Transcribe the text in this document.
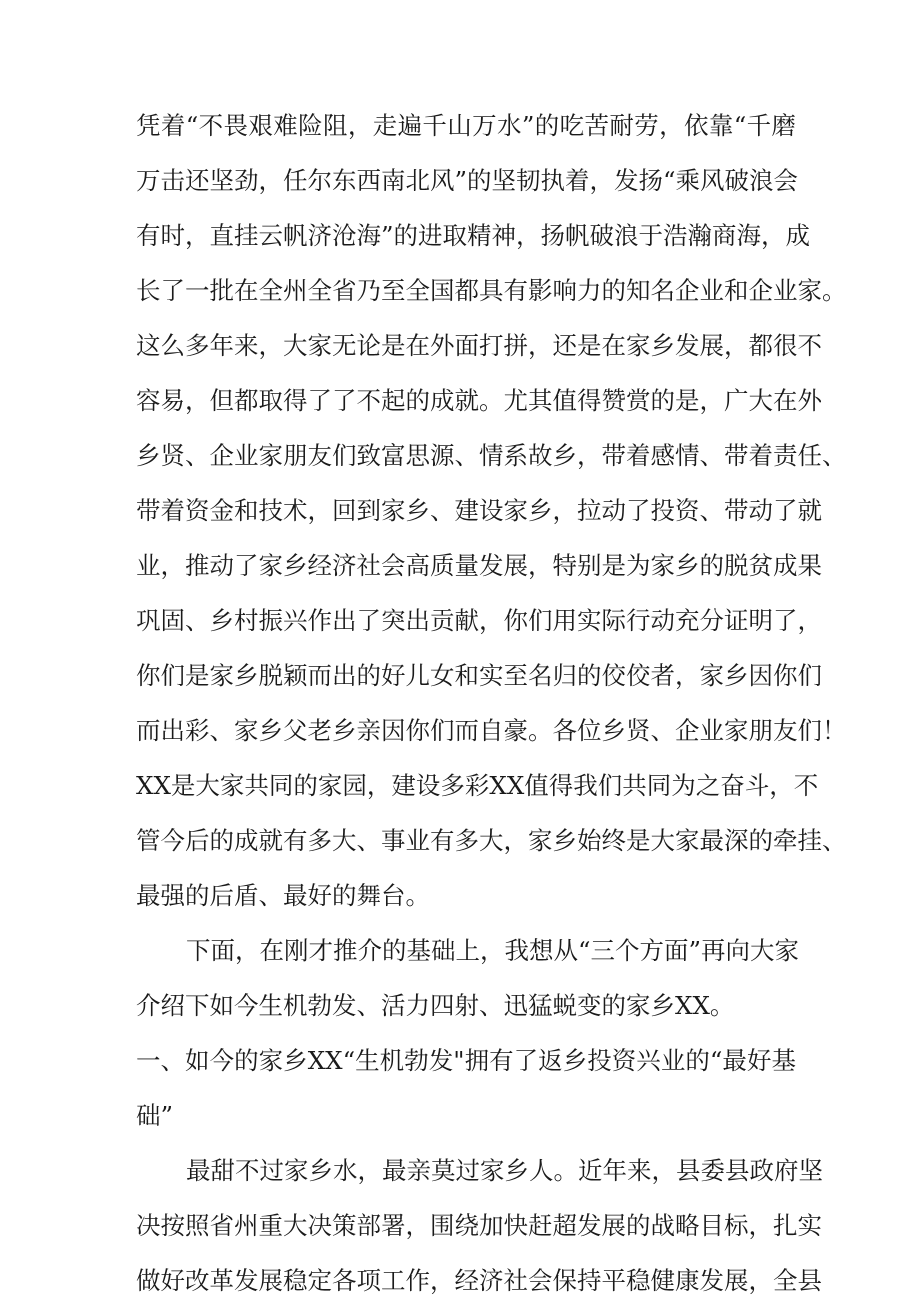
凭着“不畏艰难险阻，走遍千山万水”的吃苦耐劳，依靠“千磨
万击还坚劲，任尔东西南北风”的坚韧执着，发扬“乘风破浪会
有时，直挂云帆济沧海”的进取精神，扬帆破浪于浩瀚商海，成
长了一批在全州全省乃至全国都具有影响力的知名企业和企业家。
这么多年来，大家无论是在外面打拼，还是在家乡发展，都很不
容易，但都取得了了不起的成就。尤其值得赞赏的是，广大在外
乡贤、企业家朋友们致富思源、情系故乡，带着感情、带着责任、
带着资金和技术，回到家乡、建设家乡，拉动了投资、带动了就
业，推动了家乡经济社会高质量发展，特别是为家乡的脱贫成果
巩固、乡村振兴作出了突出贡献，你们用实际行动充分证明了，
你们是家乡脱颖而出的好儿女和实至名归的佼佼者，家乡因你们
而出彩、家乡父老乡亲因你们而自豪。各位乡贤、企业家朋友们！
XX是大家共同的家园，建设多彩XX值得我们共同为之奋斗，不
管今后的成就有多大、事业有多大，家乡始终是大家最深的牵挂、
最强的后盾、最好的舞台。
下面，在刚才推介的基础上，我想从“三个方面”再向大家
介绍下如今生机勃发、活力四射、迅猛蜕变的家乡XX。
一、如今的家乡XX“生机勃发"拥有了返乡投资兴业的“最好基
础”
最甜不过家乡水，最亲莫过家乡人。近年来，县委县政府坚
决按照省州重大决策部署，围绕加快赶超发展的战略目标，扎实
做好改革发展稳定各项工作，经济社会保持平稳健康发展，全县
